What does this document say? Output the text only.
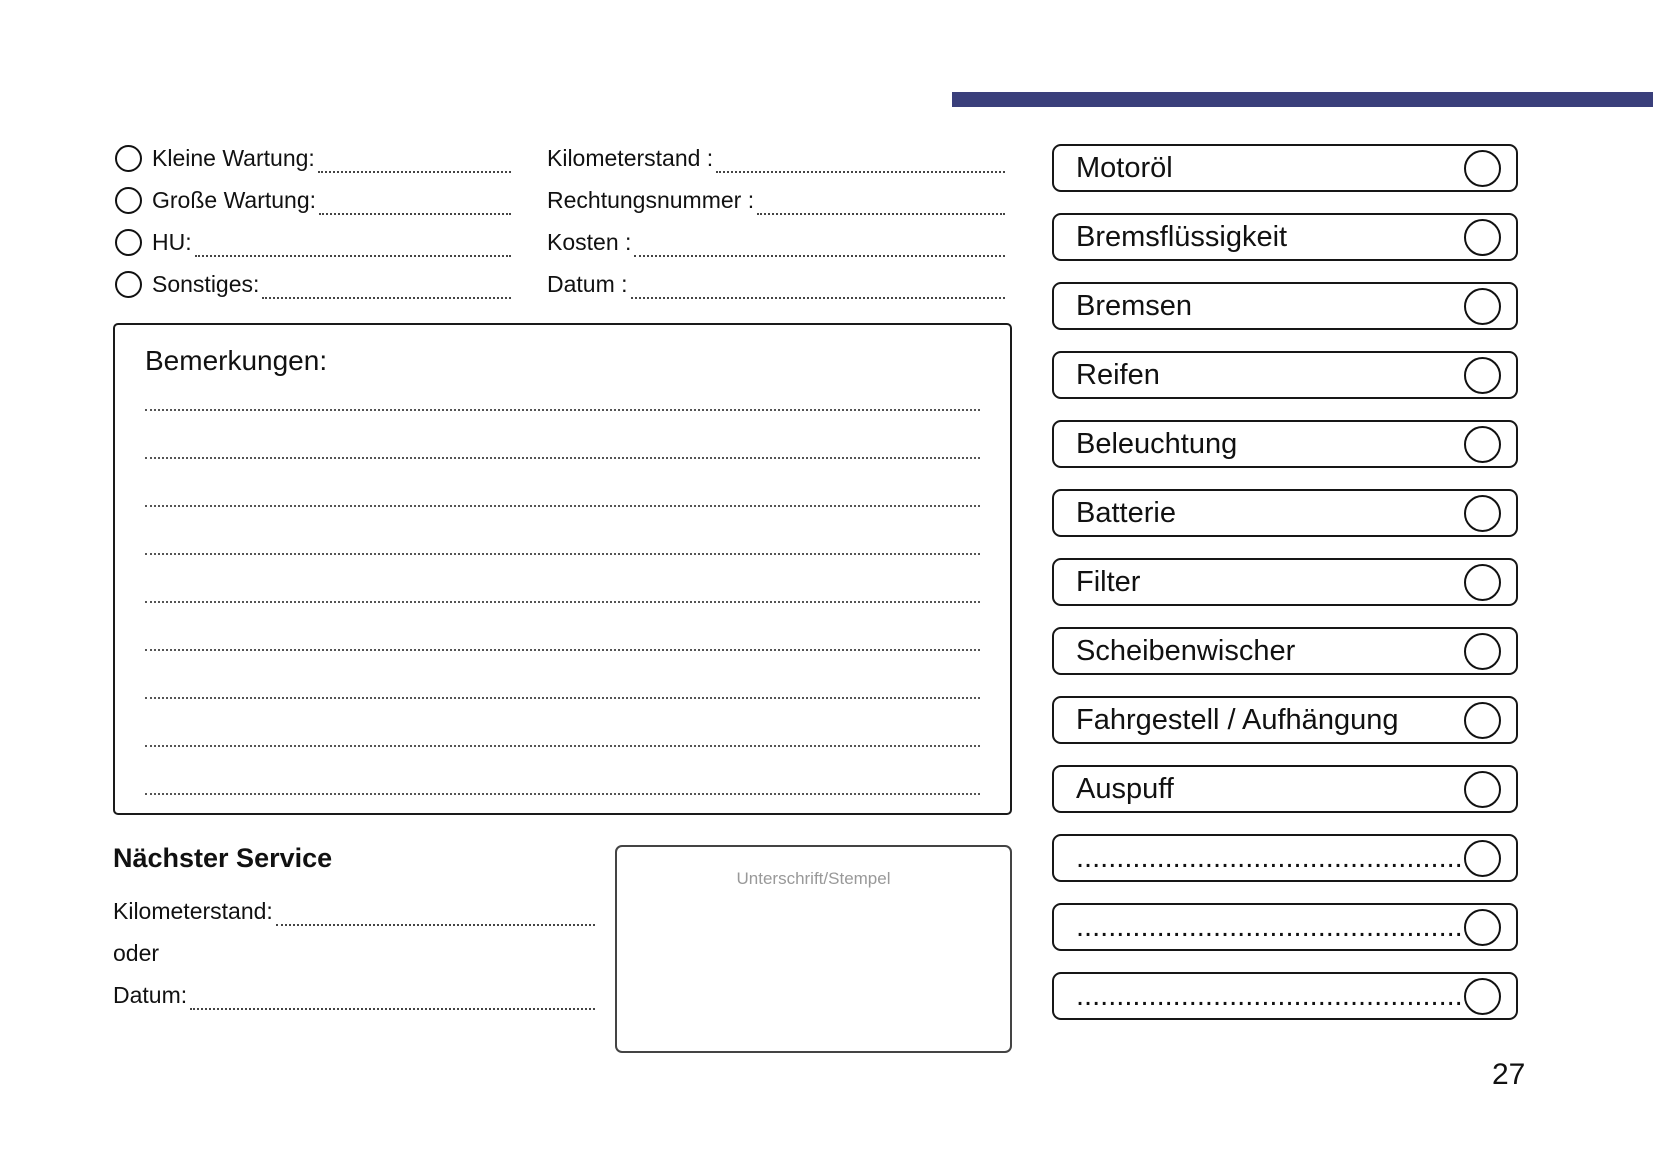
Kleine Wartung:
Große Wartung:
HU:
Sonstiges:
Kilometerstand :
Rechtungsnummer :
Kosten :
Datum :
Bemerkungen:
Nächster Service
Kilometerstand:
oder
Datum:
Unterschrift/Stempel
Motoröl
Bremsflüssigkeit
Bremsen
Reifen
Beleuchtung
Batterie
Filter
Scheibenwischer
Fahrgestell / Aufhängung
Auspuff
................................................
................................................
................................................
27
